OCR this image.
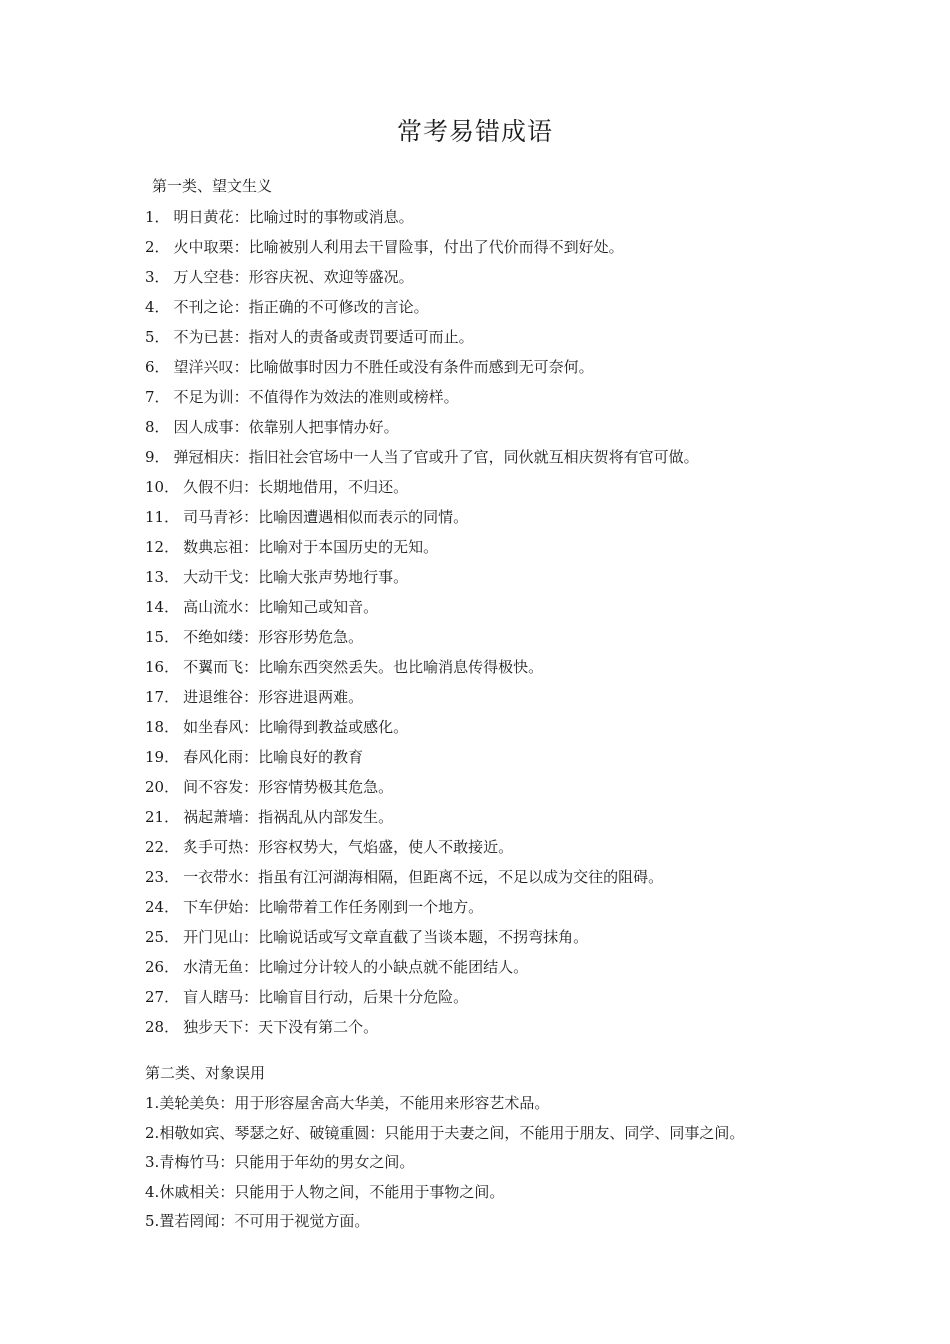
常考易错成语
第一类、望文生义
1． 明日黄花 ： 比喻过时的事物或消息。
2． 火中取栗 ： 比喻被别人利用去干冒险事，付出了代价而得不到好处。
3． 万人空巷 ： 形容庆祝、欢迎等盛况。
4． 不刊之论 ： 指正确的不可修改的言论。
5． 不为已甚 ： 指对人的责备或责罚要适可而止。
6． 望洋兴叹 ： 比喻做事时因力不胜任或没有条件而感到无可奈何。
7． 不足为训 ： 不值得作为效法的准则或榜样。
8． 因人成事 ： 依靠别人把事情办好。
9． 弹冠相庆 ： 指旧社会官场中一人当了官或升了官，同伙就互相庆贺将有官可做。
10． 久假不归 ： 长期地借用，不归还。
11． 司马青衫 ： 比喻因遭遇相似而表示的同情。
12． 数典忘祖 ： 比喻对于本国历史的无知。
13． 大动干戈 ： 比喻大张声势地行事。
14． 高山流水 ： 比喻知己或知音。
15． 不绝如缕 ： 形容形势危急。
16． 不翼而飞 ： 比喻东西突然丢失。也比喻消息传得极快。
17． 进退维谷 ： 形容进退两难。
18． 如坐春风 ： 比喻得到教益或感化。
19． 春风化雨 ： 比喻良好的教育
20． 间不容发 ： 形容情势极其危急。
21． 祸起萧墙 ： 指祸乱从内部发生。
22． 炙手可热 ： 形容权势大，气焰盛，使人不敢接近。
23． 一衣带水 ： 指虽有江河湖海相隔，但距离不远，不足以成为交往的阻碍。
24． 下车伊始 ： 比喻带着工作任务刚到一个地方。
25． 开门见山 ： 比喻说话或写文章直截了当谈本题，不拐弯抹角。
26． 水清无鱼 ： 比喻过分计较人的小缺点就不能团结人。
27． 盲人瞎马 ： 比喻盲目行动，后果十分危险。
28． 独步天下 ： 天下没有第二个。
第二类、对象误用
1. 美轮美奂 ： 用于形容屋舍高大华美，不能用来形容艺术品。
2. 相敬如宾、琴瑟之好、破镜重圆 ： 只能用于夫妻之间，不能用于朋友、同学、同事之间。
3. 青梅竹马 ： 只能用于年幼的男女之间。
4. 休戚相关 ： 只能用于人物之间，不能用于事物之间。
5. 置若罔闻 ： 不可用于视觉方面。
